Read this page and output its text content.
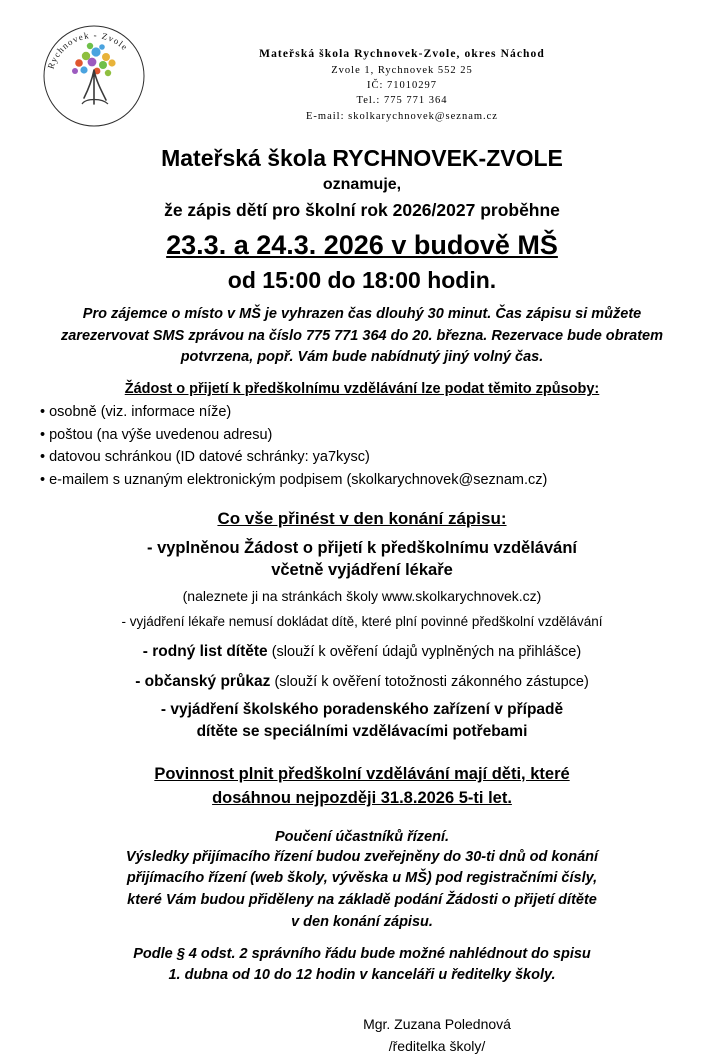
Rychnovek - Zvole
Mateřská škola Rychnovek-Zvole, okres Náchod
Zvole 1, Rychnovek 552 25
IČ: 71010297
Tel.: 775 771 364
E-mail: skolkarychnovek@seznam.cz
Mateřská škola RYCHNOVEK-ZVOLE
oznamuje,
že zápis dětí pro školní rok 2026/2027 proběhne
23.3. a 24.3. 2026 v budově MŠ
od 15:00 do 18:00 hodin.
Pro zájemce o místo v MŠ je vyhrazen čas dlouhý 30 minut. Čas zápisu si můžete zarezervovat SMS zprávou na číslo 775 771 364 do 20. března. Rezervace bude obratem potvrzena, popř. Vám bude nabídnutý jiný volný čas.
Žádost o přijetí k předškolnímu vzdělávání lze podat těmito způsoby:
• osobně (viz. informace níže)
• poštou (na výše uvedenou adresu)
• datovou schránkou (ID datové schránky: ya7kysc)
• e-mailem s uznaným elektronickým podpisem (skolkarychnovek@seznam.cz)
Co vše přinést v den konání zápisu:
- vyplněnou Žádost o přijetí k předškolnímu vzdělávání
včetně vyjádření lékaře
(naleznete ji na stránkách školy www.skolkarychnovek.cz)
- vyjádření lékaře nemusí dokládat dítě, které plní povinné předškolní vzdělávání
- rodný list dítěte (slouží k ověření údajů vyplněných na přihlášce)
- občanský průkaz (slouží k ověření totožnosti zákonného zástupce)
- vyjádření školského poradenského zařízení v případě
dítěte se speciálními vzdělávacími potřebami
Povinnost plnit předškolní vzdělávání mají děti, které
dosáhnou nejpozději 31.8.2026 5-ti let.
Poučení účastníků řízení.
Výsledky přijímacího řízení budou zveřejněny do 30-ti dnů od konání
přijímacího řízení (web školy, vývěska u MŠ) pod registračními čísly,
které Vám budou přiděleny na základě podání Žádosti o přijetí dítěte
v den konání zápisu.
Podle § 4 odst. 2 správního řádu bude možné nahlédnout do spisu
1. dubna od 10 do 12 hodin v kanceláři u ředitelky školy.
Mgr. Zuzana Polednová
/ředitelka školy/
